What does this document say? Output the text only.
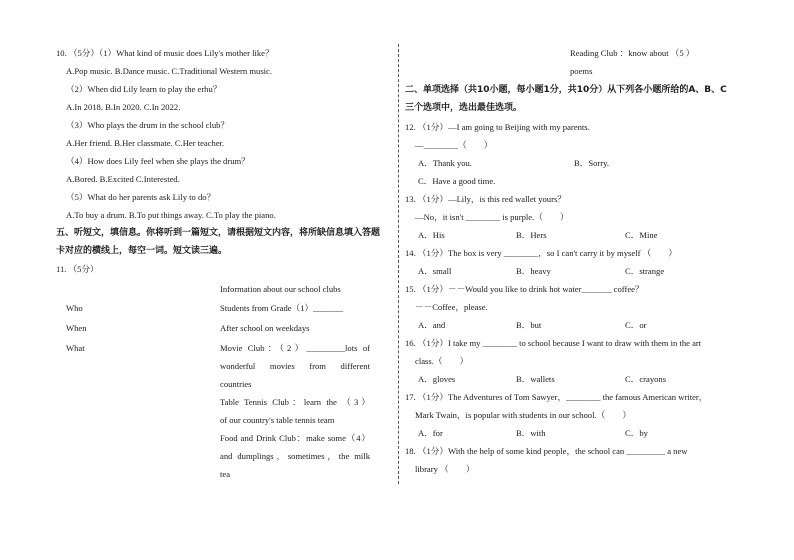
10. （5分）（1）What kind of music does Lily's mother like？
A.Pop music. B.Dance music. C.Traditional Western music.
（2）When did Lily learn to play the erhu？
A.In 2018. B.In 2020. C.In 2022.
（3）Who plays the drum in the school club？
A.Her friend. B.Her classmate. C.Her teacher.
（4）How does Lily feel when she plays the drum？
A.Bored. B.Excited C.Interested.
（5）What do her parents ask Lily to do？
A.To buy a drum. B.To put things away. C.To play the piano.
五、听短文，填信息。你将听到一篇短文，请根据短文内容，将所缺信息填入答题
卡对应的横线上，每空一词。短文读三遍。
11. （5分）
Information about our school clubs
Who	Students from Grade（1）_______
When	After school on weekdays
What	Movie Club：（2）_________lots of
wonderful movies from different
countries
Table Tennis Club：learn the （3）
of our country's table tennis team
Food and Drink Club：make some（4）
and dumplings，sometimes，the milk
tea
Reading Club ：know about （5 ）
poems
二、单项选择（共10小题，每小题1分，共10分）从下列各小题所给的A、B、C
三个选项中，选出最佳选项。
12. （1分）—I am going to Beijing with my parents.
—________（　　）
A．Thank you.	B．Sorry.
C．Have a good time.
13. （1分）—Lily，is this red wallet yours？
—No，it isn't ________ is purple.（　　）
A．His	B．Hers	C．Mine
14. （1分）The box is very ________，so I can't carry it by myself （　　）
A．small	B．heavy	C．strange
15. （1分）－－Would you like to drink hot water_______ coffee？
－－Coffee，please.
A．and	B．but	C．or
16. （1分）I take my ________ to school because I want to draw with them in the art
class.（　　）
A．gloves	B．wallets	C．crayons
17. （1分）The Adventures of Tom Sawyer，________ the famous American writer，
Mark Twain，is popular with students in our school.（　　）
A．for	B．with	C．by
18. （1分）With the help of some kind people，the school can _________ a new
library （　　）
